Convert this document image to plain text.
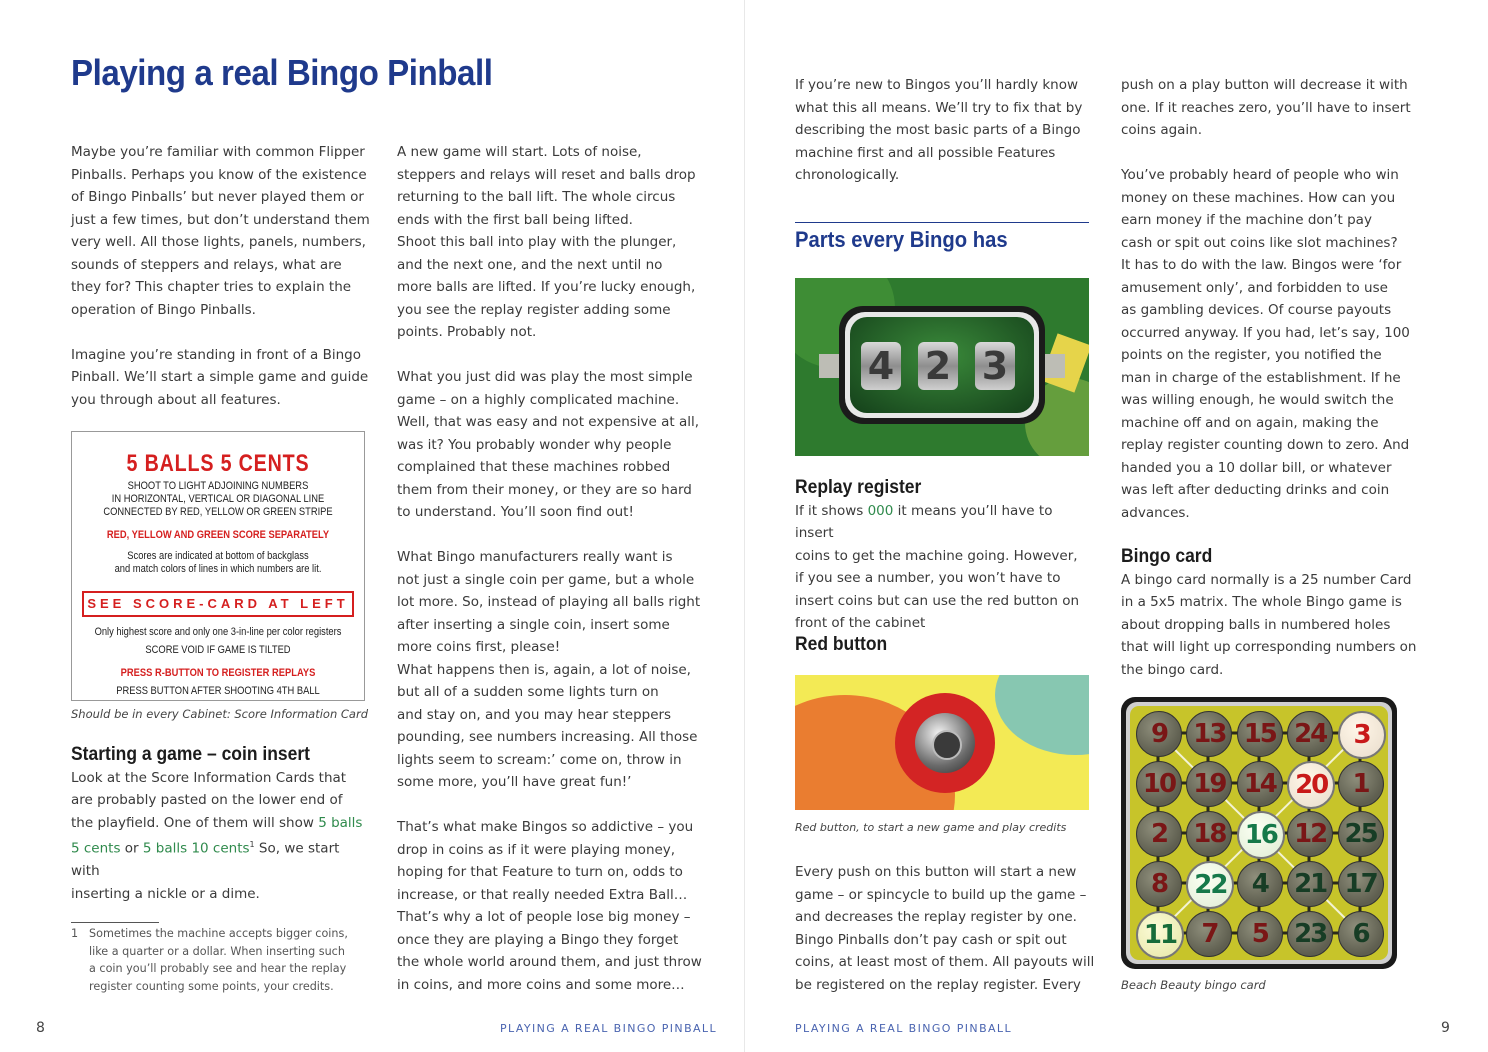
Playing a real Bingo Pinball

Maybe you’re familiar with common Flipper
Pinballs. Perhaps you know of the existence
of Bingo Pinballs’ but never played them or
just a few times, but don’t understand them
very well. All those lights, panels, numbers,
sounds of steppers and relays, what are
they for? This chapter tries to explain the
operation of Bingo Pinballs.

Imagine you’re standing in front of a Bingo
Pinball. We’ll start a simple game and guide
you through about all features.

5 BALLS 5 CENTS
SHOOT TO LIGHT ADJOINING NUMBERS
IN HORIZONTAL, VERTICAL OR DIAGONAL LINE
CONNECTED BY RED, YELLOW OR GREEN STRIPE
RED, YELLOW AND GREEN SCORE SEPARATELY
Scores are indicated at bottom of backglass
and match colors of lines in which numbers are lit.
SEE SCORE-CARD AT LEFT
Only highest score and only one 3-in-line per color registers
SCORE VOID IF GAME IS TILTED
PRESS R-BUTTON TO REGISTER REPLAYS
PRESS BUTTON AFTER SHOOTING 4TH BALL
Should be in every Cabinet: Score Information Card
Starting a game – coin insert

Look at the Score Information Cards that
are probably pasted on the lower end of
the playfield. One of them will show 5 balls
5 cents or 5 balls 10 cents$^1$ So, we start with
inserting a nickle or a dime.

1 Sometimes the machine accepts bigger coins,
like a quarter or a dollar. When inserting such
a coin you’ll probably see and hear the replay
register counting some points, your credits.

A new game will start. Lots of noise,
steppers and relays will reset and balls drop
returning to the ball lift. The whole circus
ends with the first ball being lifted.
Shoot this ball into play with the plunger,
and the next one, and the next until no
more balls are lifted. If you’re lucky enough,
you see the replay register adding some
points. Probably not.

What you just did was play the most simple
game – on a highly complicated machine.
Well, that was easy and not expensive at all,
was it? You probably wonder why people
complained that these machines robbed
them from their money, or they are so hard
to understand. You’ll soon find out!

What Bingo manufacturers really want is
not just a single coin per game, but a whole
lot more. So, instead of playing all balls right
after inserting a single coin, insert some
more coins first, please!
What happens then is, again, a lot of noise,
but all of a sudden some lights turn on
and stay on, and you may hear steppers
pounding, see numbers increasing. All those
lights seem to scream:’ come on, throw in
some more, you’ll have great fun!’

That’s what make Bingos so addictive – you
drop in coins as if it were playing money,
hoping for that Feature to turn on, odds to
increase, or that really needed Extra Ball…
That’s why a lot of people lose big money –
once they are playing a Bingo they forget
the whole world around them, and just throw
in coins, and more coins and some more…

8	PLAYING A REAL BINGO PINBALL

If you’re new to Bingos you’ll hardly know
what this all means. We’ll try to fix that by
describing the most basic parts of a Bingo
machine first and all possible Features
chronologically.

Parts every Bingo has
4 2 3
Replay register

If it shows 000 it means you’ll have to insert
coins to get the machine going. However,
if you see a number, you won’t have to
insert coins but can use the red button on
front of the cabinet

Red button
Red button, to start a new game and play credits

Every push on this button will start a new
game – or spincycle to build up the game –
and decreases the replay register by one.
Bingo Pinballs don’t pay cash or spit out
coins, at least most of them. All payouts will
be registered on the replay register. Every

push on a play button will decrease it with
one. If it reaches zero, you’ll have to insert
coins again.

You’ve probably heard of people who win
money on these machines. How can you
earn money if the machine don’t pay
cash or spit out coins like slot machines?
It has to do with the law. Bingos were ‘for
amusement only’, and forbidden to use
as gambling devices. Of course payouts
occurred anyway. If you had, let’s say, 100
points on the register, you notified the
man in charge of the establishment. If he
was willing enough, he would switch the
machine off and on again, making the
replay register counting down to zero. And
handed you a 10 dollar bill, or whatever
was left after deducting drinks and coin
advances.

Bingo card

A bingo card normally is a 25 number Card
in a 5x5 matrix. The whole Bingo game is
about dropping balls in numbered holes
that will light up corresponding numbers on
the bingo card.

9	13 15 24	3
10 19 14 20 1
2	18 16 12 25
8	22 4	21 17
11 7	5	23	6
Beach Beauty bingo card
PLAYING A REAL BINGO PINBALL	9
